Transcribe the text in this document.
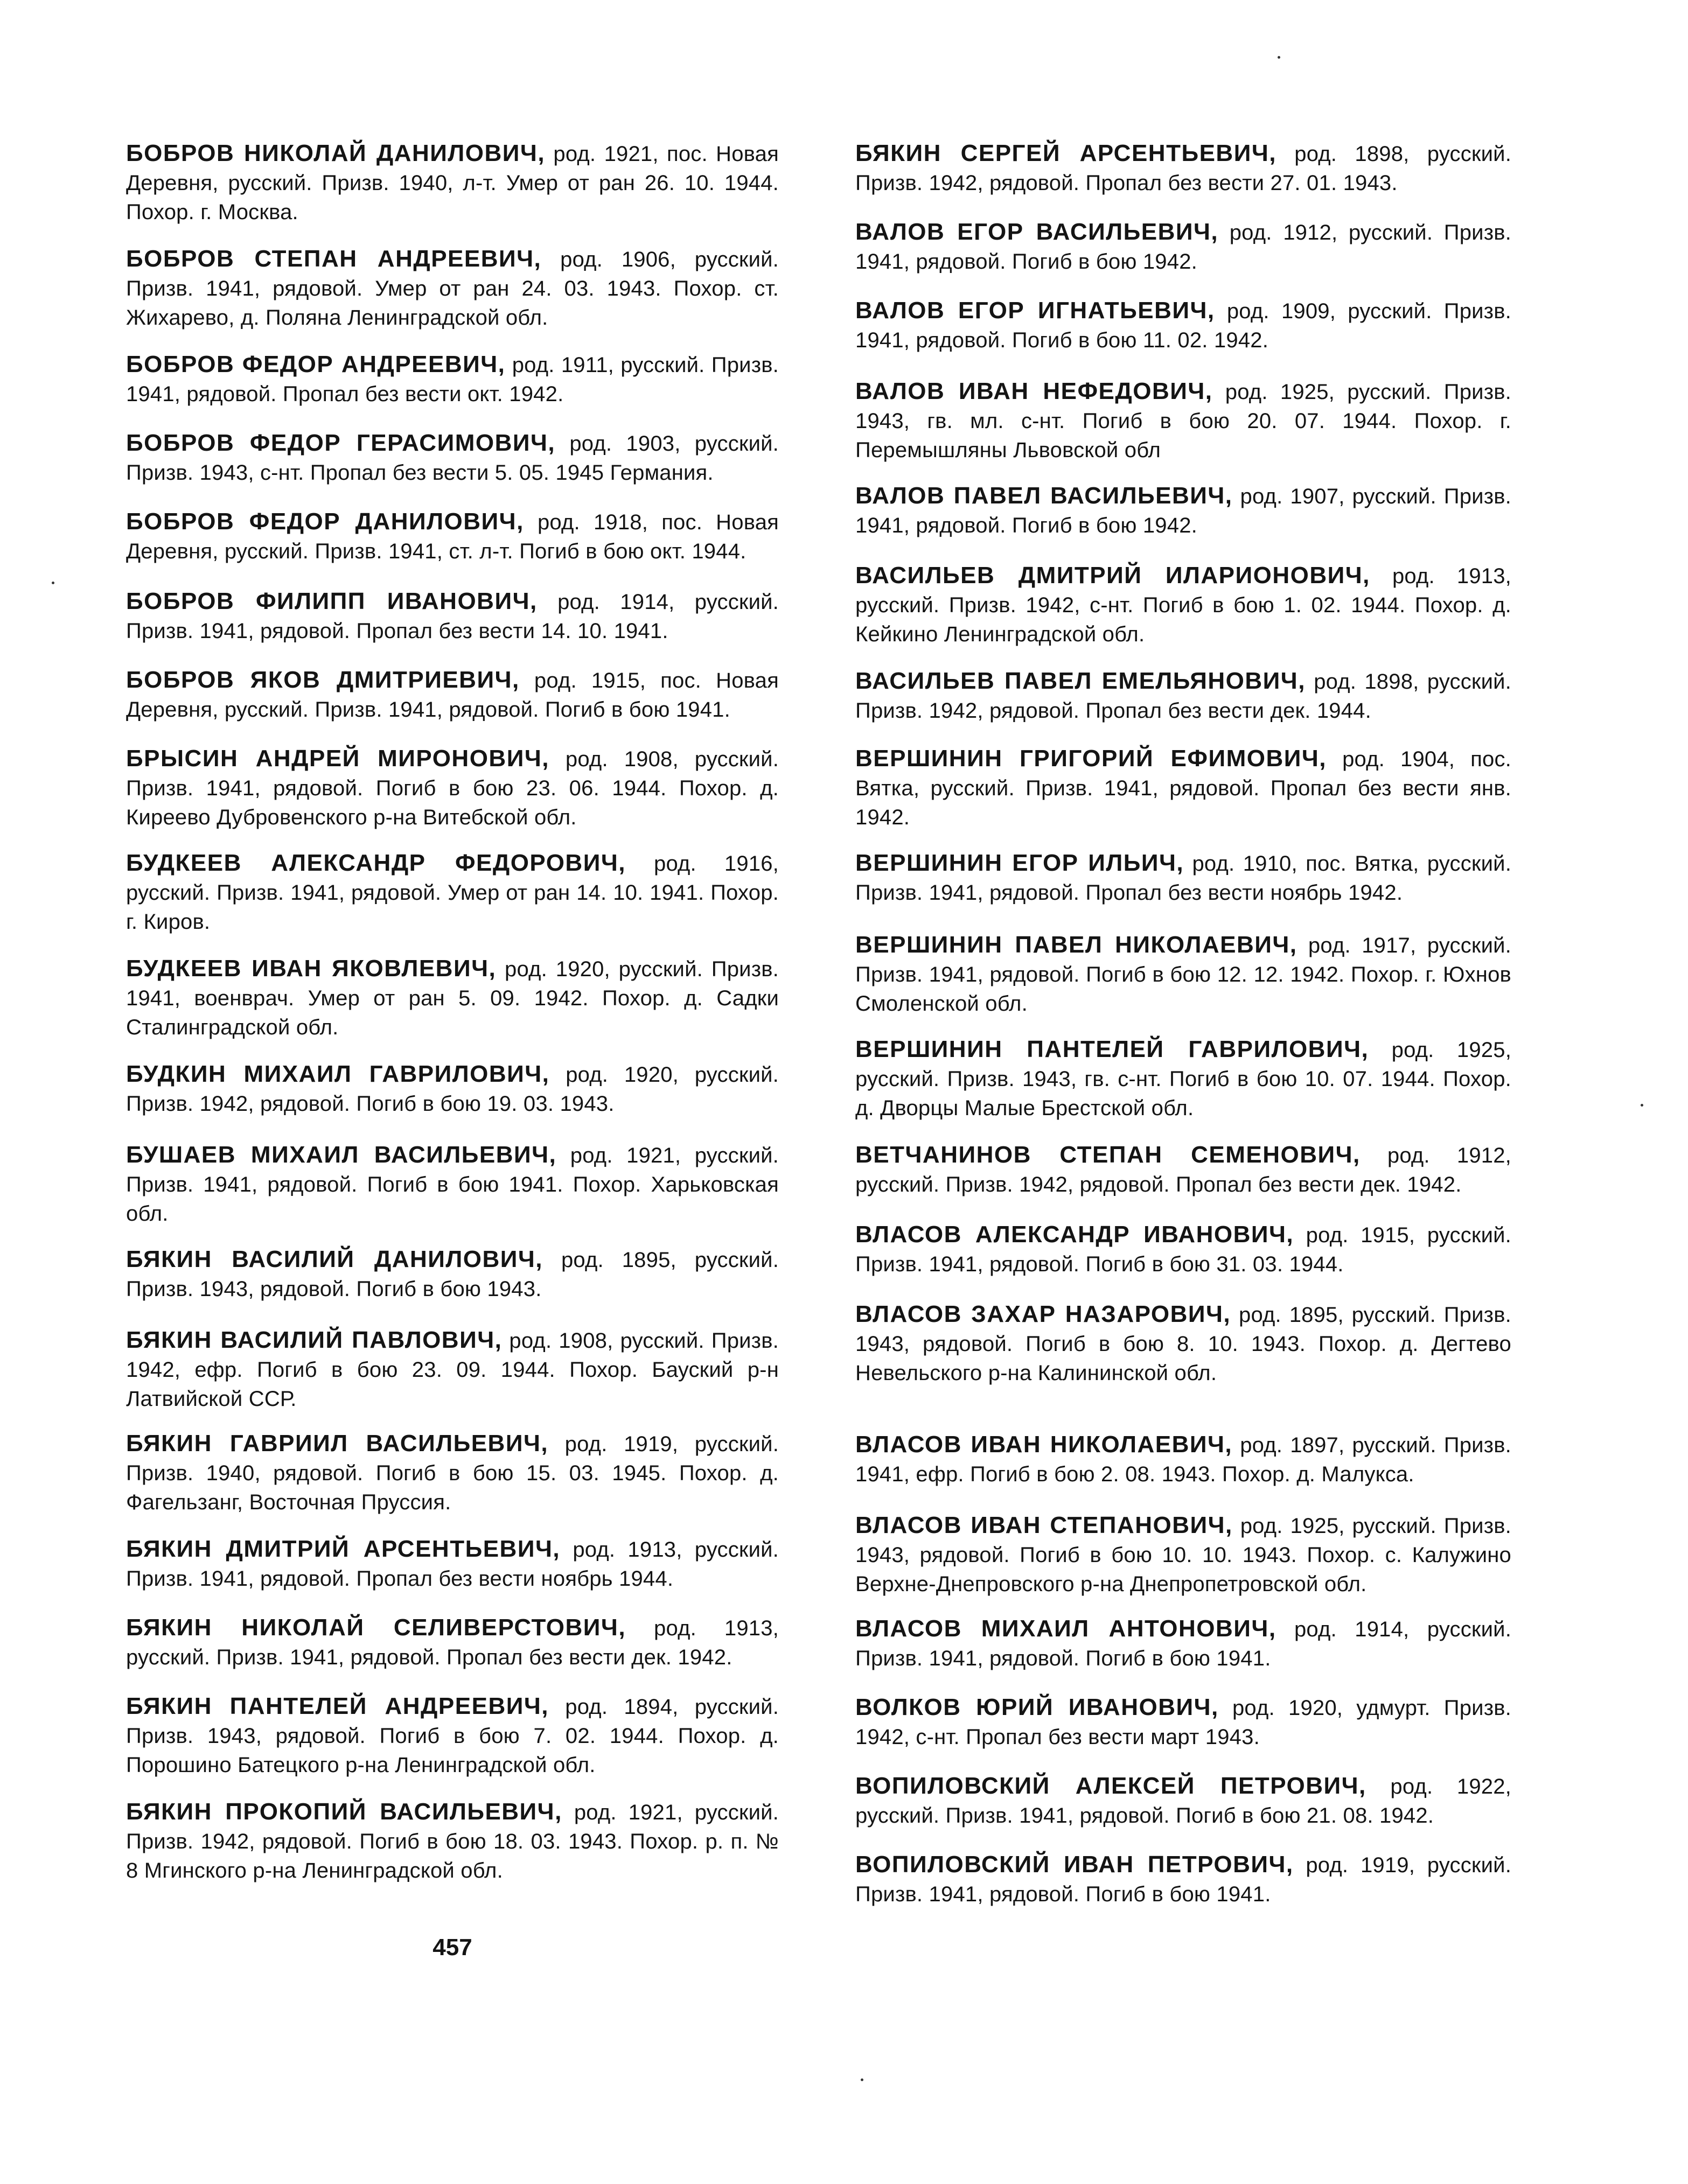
БОБРОВ НИКОЛАЙ ДАНИЛОВИЧ, род. 1921, пос. Новая Деревня, русский. Призв. 1940, л-т. Умер от ран 26. 10. 1944. Похор. г. Москва.

БОБРОВ СТЕПАН АНДРЕЕВИЧ, род. 1906, русский. Призв. 1941, рядовой. Умер от ран 24. 03. 1943. Похор. ст. Жихарево, д. Поляна Ленинградской обл.

БОБРОВ ФЕДОР АНДРЕЕВИЧ, род. 1911, русский. Призв. 1941, рядовой. Пропал без вести окт. 1942.

БОБРОВ ФЕДОР ГЕРАСИМОВИЧ, род. 1903, русский. Призв. 1943, с-нт. Пропал без вести 5. 05. 1945 Германия.

БОБРОВ ФЕДОР ДАНИЛОВИЧ, род. 1918, пос. Новая Деревня, русский. Призв. 1941, ст. л-т. Погиб в бою окт. 1944.

БОБРОВ ФИЛИПП ИВАНОВИЧ, род. 1914, русский. Призв. 1941, рядовой. Пропал без вести 14. 10. 1941.

БОБРОВ ЯКОВ ДМИТРИЕВИЧ, род. 1915, пос. Новая Деревня, русский. Призв. 1941, рядовой. Погиб в бою 1941.

БРЫСИН АНДРЕЙ МИРОНОВИЧ, род. 1908, русский. Призв. 1941, рядовой. Погиб в бою 23. 06. 1944. Похор. д. Киреево Дубровенского р-на Витебской обл.

БУДКЕЕВ АЛЕКСАНДР ФЕДОРОВИЧ, род. 1916, русский. Призв. 1941, рядовой. Умер от ран 14. 10. 1941. Похор. г. Киров.

БУДКЕЕВ ИВАН ЯКОВЛЕВИЧ, род. 1920, русский. Призв. 1941, военврач. Умер от ран 5. 09. 1942. Похор. д. Садки Сталинградской обл.

БУДКИН МИХАИЛ ГАВРИЛОВИЧ, род. 1920, русский. Призв. 1942, рядовой. Погиб в бою 19. 03. 1943.

БУШАЕВ МИХАИЛ ВАСИЛЬЕВИЧ, род. 1921, русский. Призв. 1941, рядовой. Погиб в бою 1941. Похор. Харьковская обл.

БЯКИН ВАСИЛИЙ ДАНИЛОВИЧ, род. 1895, русский. Призв. 1943, рядовой. Погиб в бою 1943.

БЯКИН ВАСИЛИЙ ПАВЛОВИЧ, род. 1908, русский. Призв. 1942, ефр. Погиб в бою 23. 09. 1944. Похор. Бауский р-н Латвийской ССР.

БЯКИН ГАВРИИЛ ВАСИЛЬЕВИЧ, род. 1919, русский. Призв. 1940, рядовой. Погиб в бою 15. 03. 1945. Похор. д. Фагельзанг, Восточная Пруссия.

БЯКИН ДМИТРИЙ АРСЕНТЬЕВИЧ, род. 1913, русский. Призв. 1941, рядовой. Пропал без вести ноябрь 1944.

БЯКИН НИКОЛАЙ СЕЛИВЕРСТОВИЧ, род. 1913, русский. Призв. 1941, рядовой. Пропал без вести дек. 1942.

БЯКИН ПАНТЕЛЕЙ АНДРЕЕВИЧ, род. 1894, русский. Призв. 1943, рядовой. Погиб в бою 7. 02. 1944. Похор. д. Порошино Батецкого р-на Ленинградской обл.

БЯКИН ПРОКОПИЙ ВАСИЛЬЕВИЧ, род. 1921, русский. Призв. 1942, рядовой. Погиб в бою 18. 03. 1943. Похор. р. п. № 8 Мгинского р-на Ленинградской обл.

БЯКИН СЕРГЕЙ АРСЕНТЬЕВИЧ, род. 1898, русский. Призв. 1942, рядовой. Пропал без вести 27. 01. 1943.

ВАЛОВ ЕГОР ВАСИЛЬЕВИЧ, род. 1912, русский. Призв. 1941, рядовой. Погиб в бою 1942.

ВАЛОВ ЕГОР ИГНАТЬЕВИЧ, род. 1909, русский. Призв. 1941, рядовой. Погиб в бою 11. 02. 1942.

ВАЛОВ ИВАН НЕФЕДОВИЧ, род. 1925, русский. Призв. 1943, гв. мл. с-нт. Погиб в бою 20. 07. 1944. Похор. г. Перемышляны Львовской обл

ВАЛОВ ПАВЕЛ ВАСИЛЬЕВИЧ, род. 1907, русский. Призв. 1941, рядовой. Погиб в бою 1942.

ВАСИЛЬЕВ ДМИТРИЙ ИЛАРИОНОВИЧ, род. 1913, русский. Призв. 1942, с-нт. Погиб в бою 1. 02. 1944. Похор. д. Кейкино Ленинградской обл.

ВАСИЛЬЕВ ПАВЕЛ ЕМЕЛЬЯНОВИЧ, род. 1898, русский. Призв. 1942, рядовой. Пропал без вести дек. 1944.

ВЕРШИНИН ГРИГОРИЙ ЕФИМОВИЧ, род. 1904, пос. Вятка, русский. Призв. 1941, рядовой. Пропал без вести янв. 1942.

ВЕРШИНИН ЕГОР ИЛЬИЧ, род. 1910, пос. Вятка, русский. Призв. 1941, рядовой. Пропал без вести ноябрь 1942.

ВЕРШИНИН ПАВЕЛ НИКОЛАЕВИЧ, род. 1917, русский. Призв. 1941, рядовой. Погиб в бою 12. 12. 1942. Похор. г. Юхнов Смоленской обл.

ВЕРШИНИН ПАНТЕЛЕЙ ГАВРИЛОВИЧ, род. 1925, русский. Призв. 1943, гв. с-нт. Погиб в бою 10. 07. 1944. Похор. д. Дворцы Малые Брестской обл.

ВЕТЧАНИНОВ СТЕПАН СЕМЕНОВИЧ, род. 1912, русский. Призв. 1942, рядовой. Пропал без вести дек. 1942.

ВЛАСОВ АЛЕКСАНДР ИВАНОВИЧ, род. 1915, русский. Призв. 1941, рядовой. Погиб в бою 31. 03. 1944.

ВЛАСОВ ЗАХАР НАЗАРОВИЧ, род. 1895, русский. Призв. 1943, рядовой. Погиб в бою 8. 10. 1943. Похор. д. Дегтево Невельского р-на Калининской обл.

ВЛАСОВ ИВАН НИКОЛАЕВИЧ, род. 1897, русский. Призв. 1941, ефр. Погиб в бою 2. 08. 1943. Похор. д. Малукса.

ВЛАСОВ ИВАН СТЕПАНОВИЧ, род. 1925, русский. Призв. 1943, рядовой. Погиб в бою 10. 10. 1943. Похор. с. Калужино Верхне-Днепровского р-на Днепропетровской обл.

ВЛАСОВ МИХАИЛ АНТОНОВИЧ, род. 1914, русский. Призв. 1941, рядовой. Погиб в бою 1941.

ВОЛКОВ ЮРИЙ ИВАНОВИЧ, род. 1920, удмурт. Призв. 1942, с-нт. Пропал без вести март 1943.

ВОПИЛОВСКИЙ АЛЕКСЕЙ ПЕТРОВИЧ, род. 1922, русский. Призв. 1941, рядовой. Погиб в бою 21. 08. 1942.

ВОПИЛОВСКИЙ ИВАН ПЕТРОВИЧ, род. 1919, русский. Призв. 1941, рядовой. Погиб в бою 1941.

457
